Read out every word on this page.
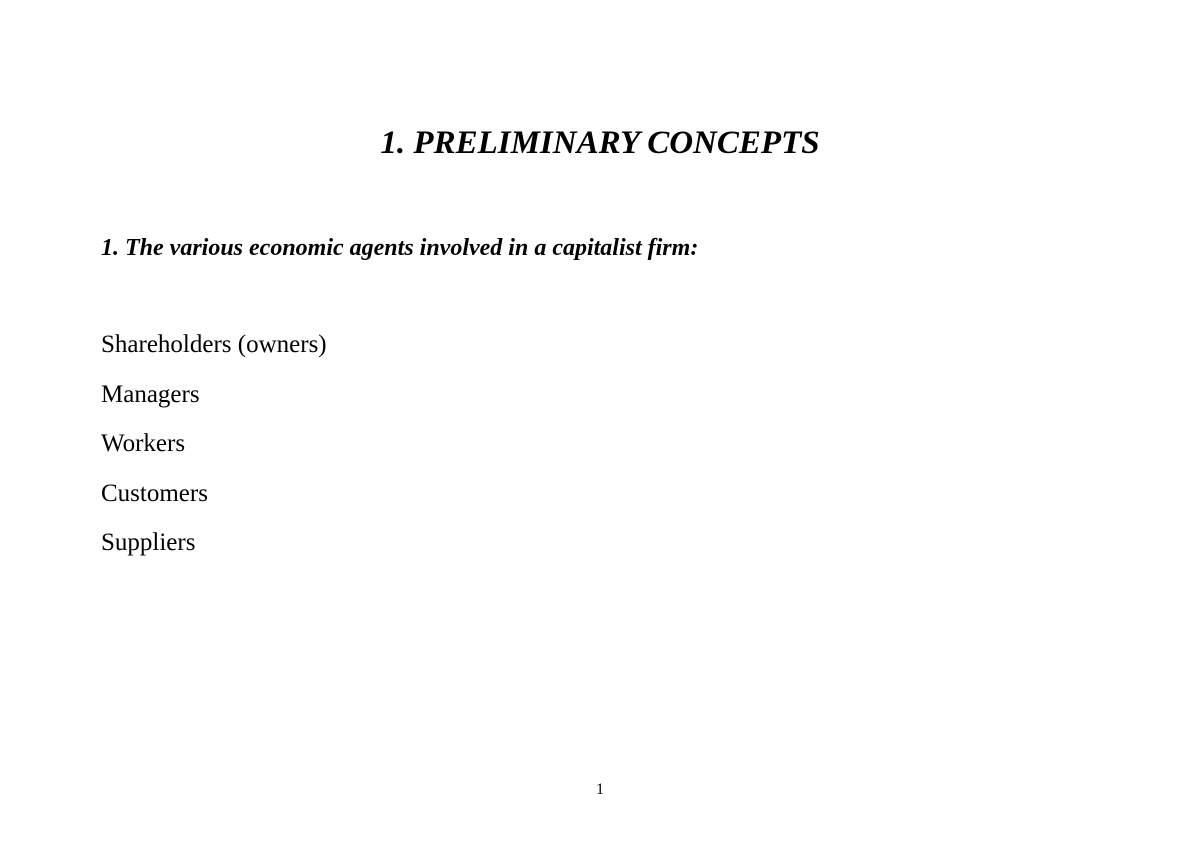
1. PRELIMINARY CONCEPTS
1. The various economic agents involved in a capitalist firm:
Shareholders (owners)
Managers
Workers
Customers
Suppliers
1
